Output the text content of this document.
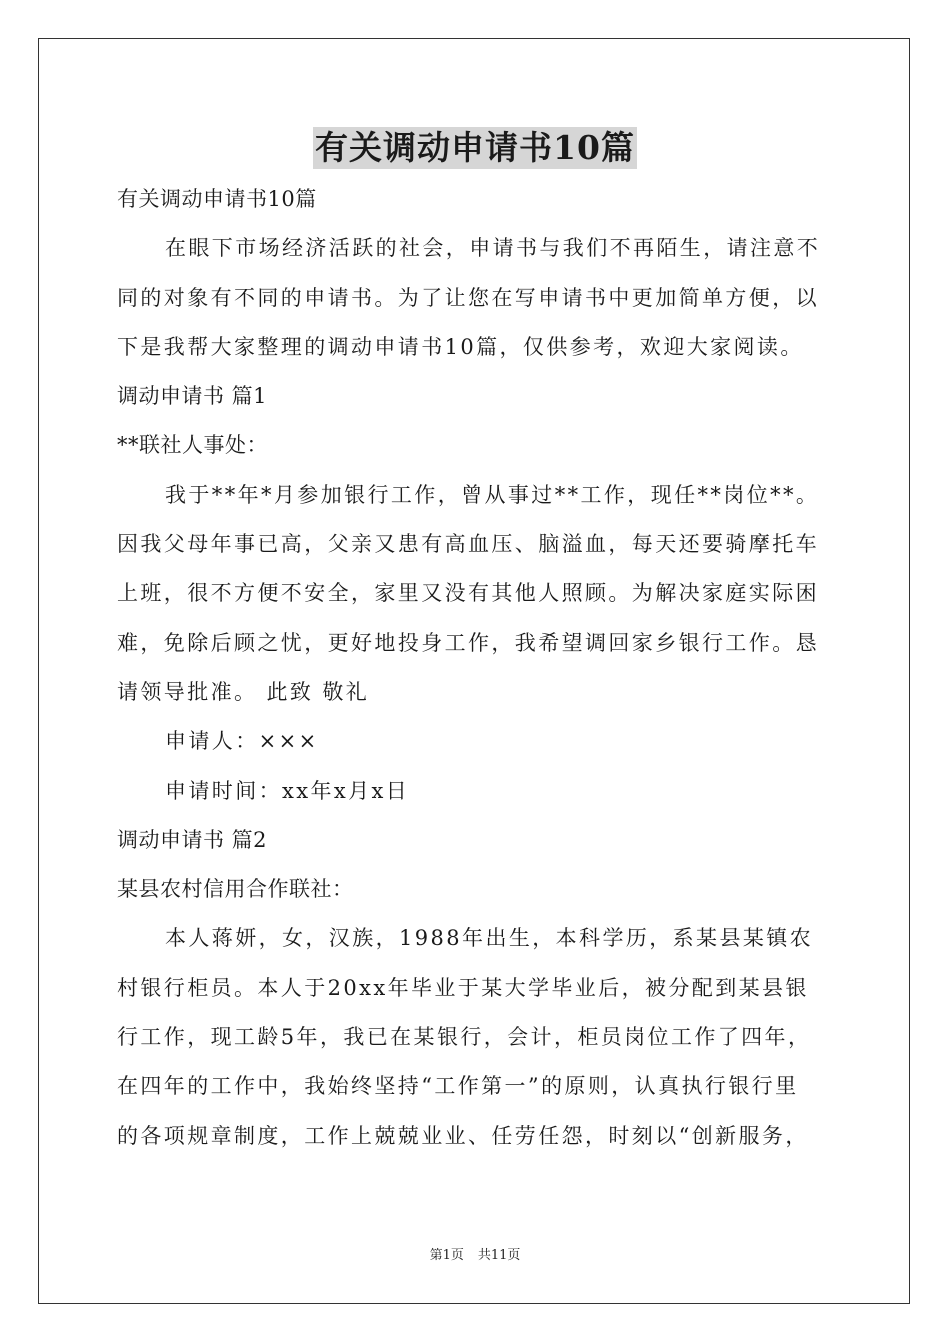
有关调动申请书10篇
有关调动申请书10篇
在眼下市场经济活跃的社会，申请书与我们不再陌生，请注意不
同的对象有不同的申请书。为了让您在写申请书中更加简单方便，以
下是我帮大家整理的调动申请书10篇，仅供参考，欢迎大家阅读。
调动申请书 篇1
**联社人事处：
我于**年*月参加银行工作，曾从事过**工作，现任**岗位**。
因我父母年事已高，父亲又患有高血压、脑溢血，每天还要骑摩托车
上班，很不方便不安全，家里又没有其他人照顾。为解决家庭实际困
难，免除后顾之忧，更好地投身工作，我希望调回家乡银行工作。恳
请领导批准。 此致 敬礼
申请人：×××
申请时间：xx年x月x日
调动申请书 篇2
某县农村信用合作联社：
本人蒋妍，女，汉族，1988年出生，本科学历，系某县某镇农
村银行柜员。本人于20xx年毕业于某大学毕业后，被分配到某县银
行工作，现工龄5年，我已在某银行，会计，柜员岗位工作了四年，
在四年的工作中，我始终坚持“工作第一”的原则，认真执行银行里
的各项规章制度，工作上兢兢业业、任劳任怨，时刻以“创新服务，
第1页 共11页
